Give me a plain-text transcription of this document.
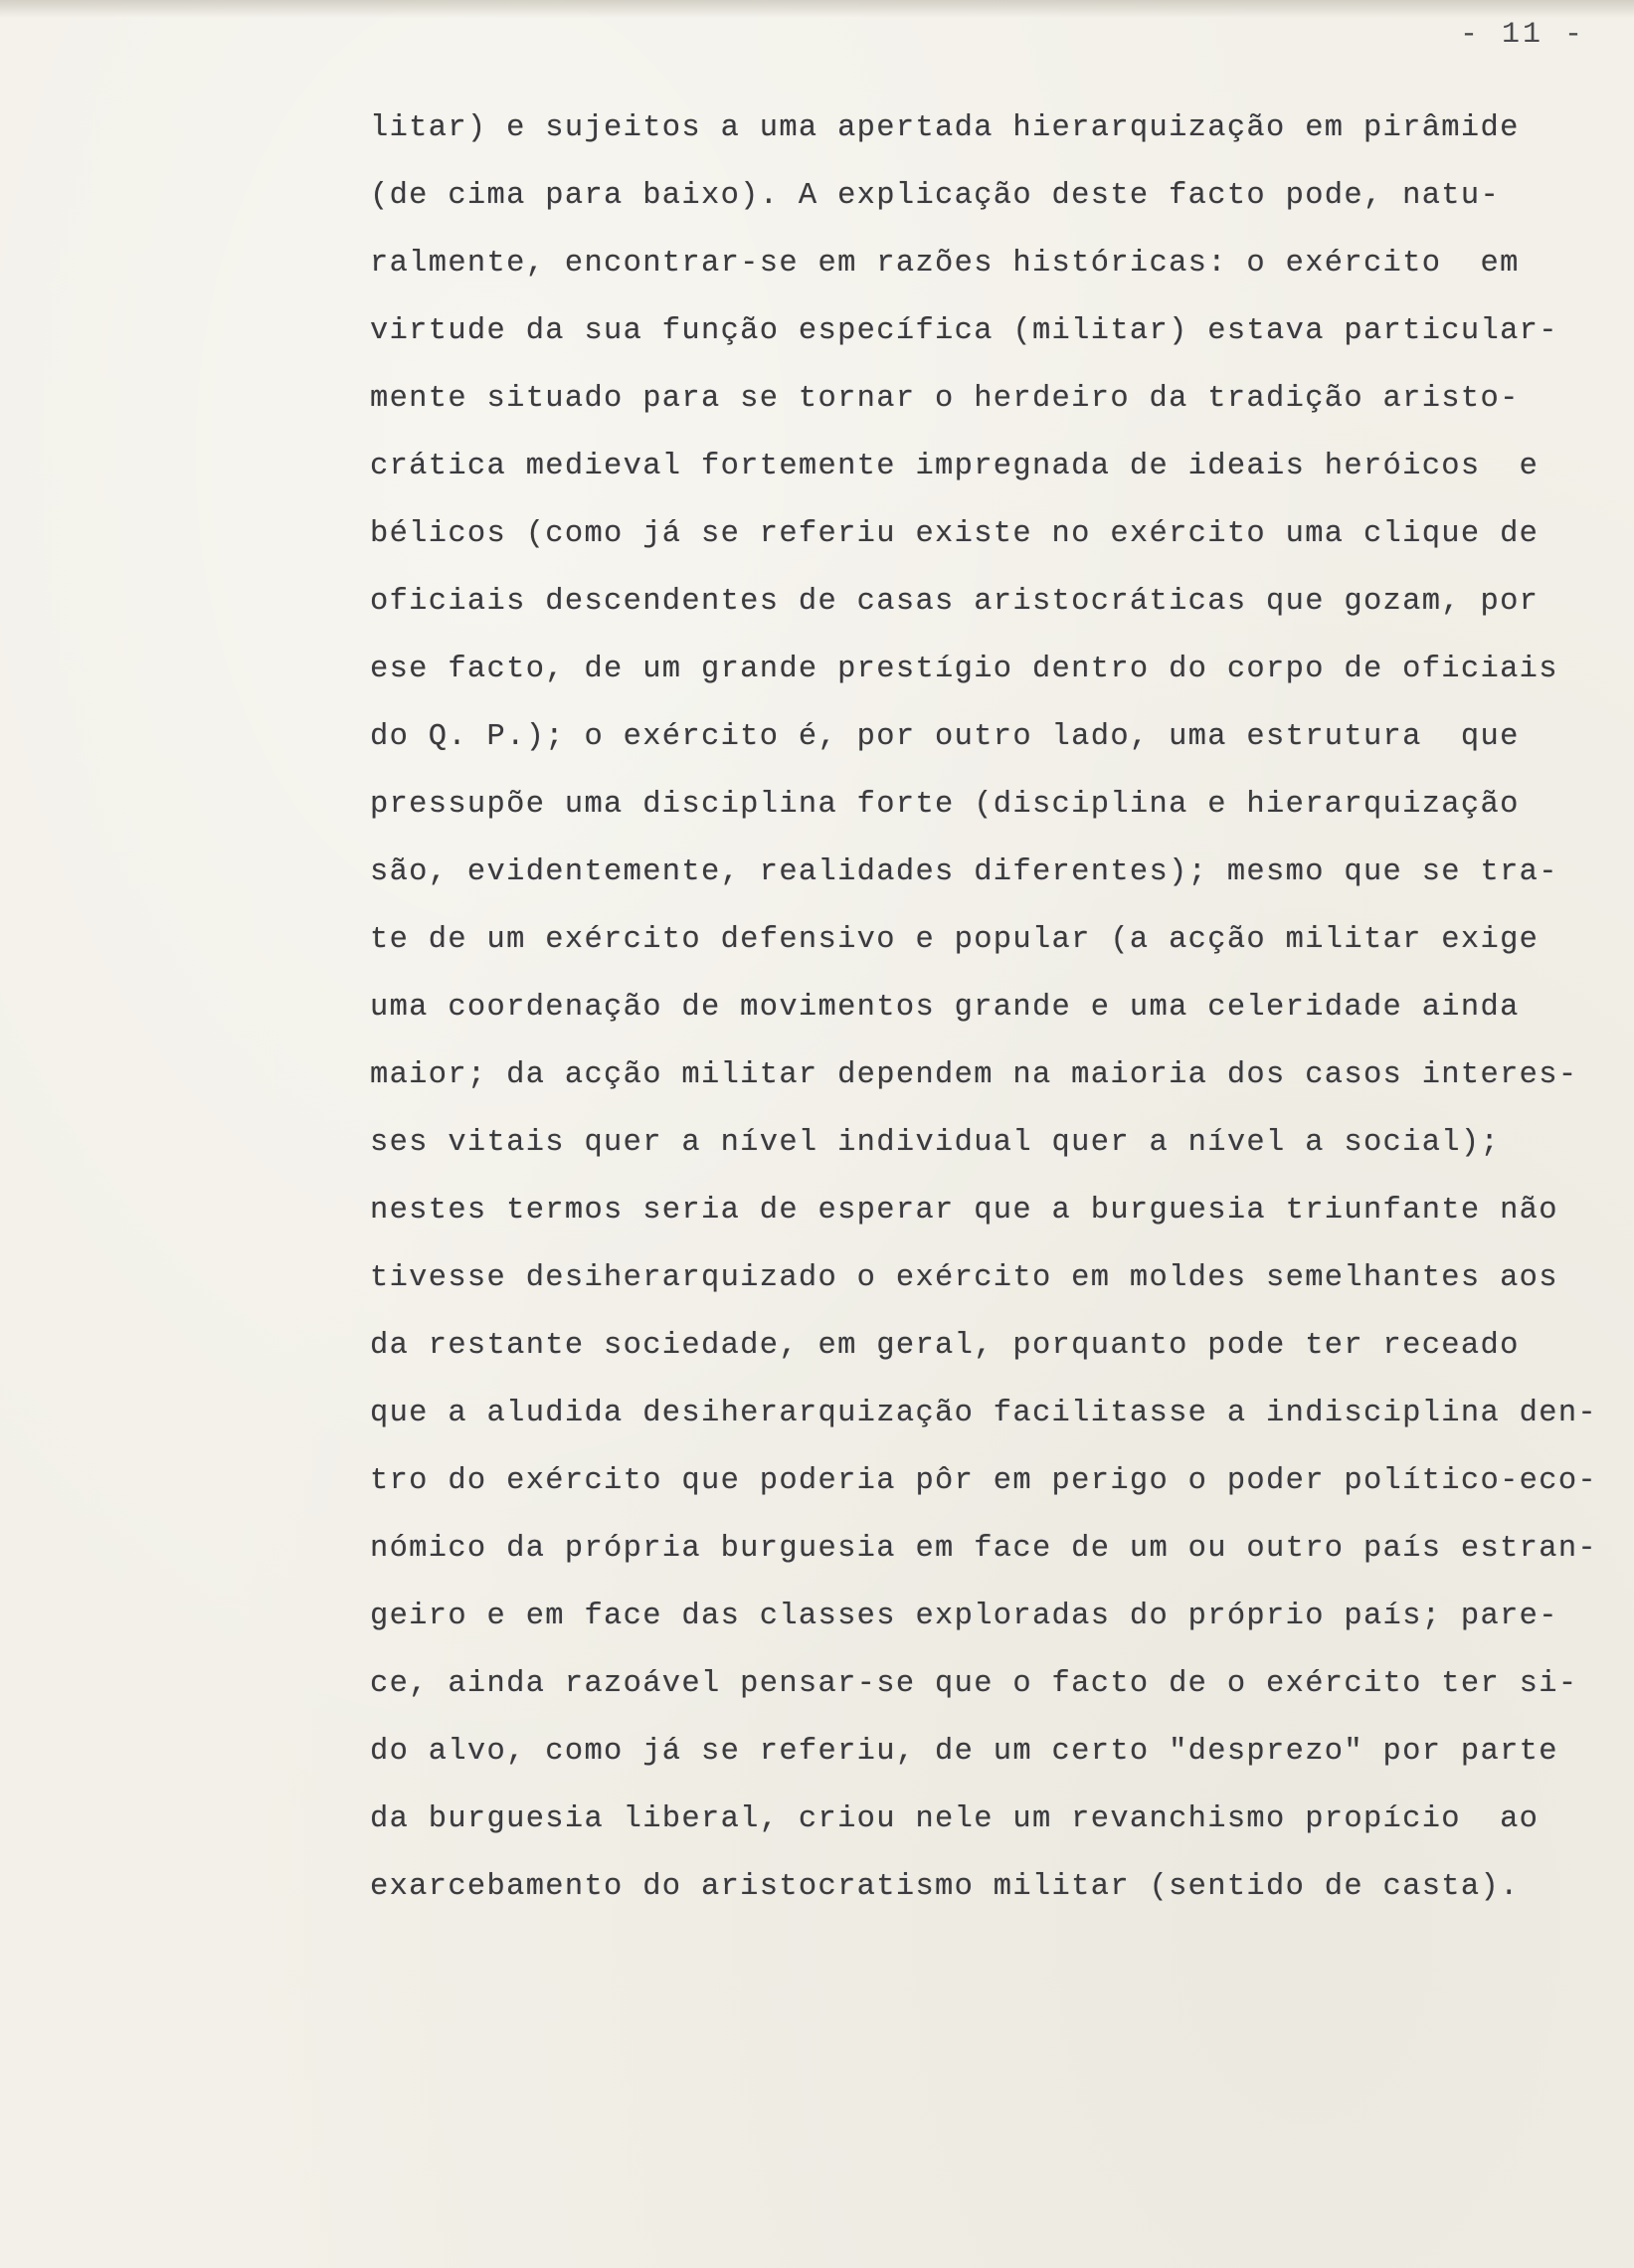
- 11 -
litar) e sujeitos a uma apertada hierarquização em pirâmide
(de cima para baixo). A explicação deste facto pode, natu-
ralmente, encontrar-se em razões históricas: o exército  em
virtude da sua função específica (militar) estava particular-
mente situado para se tornar o herdeiro da tradição aristo-
crática medieval fortemente impregnada de ideais heróicos  e
bélicos (como já se referiu existe no exército uma clique de
oficiais descendentes de casas aristocráticas que gozam, por
ese facto, de um grande prestígio dentro do corpo de oficiais
do Q. P.); o exército é, por outro lado, uma estrutura  que
pressupõe uma disciplina forte (disciplina e hierarquização
são, evidentemente, realidades diferentes); mesmo que se tra-
te de um exército defensivo e popular (a acção militar exige
uma coordenação de movimentos grande e uma celeridade ainda
maior; da acção militar dependem na maioria dos casos interes-
ses vitais quer a nível individual quer a nível a social);
nestes termos seria de esperar que a burguesia triunfante não
tivesse desiherarquizado o exército em moldes semelhantes aos
da restante sociedade, em geral, porquanto pode ter receado
que a aludida desiherarquização facilitasse a indisciplina den-
tro do exército que poderia pôr em perigo o poder político-eco-
nómico da própria burguesia em face de um ou outro país estran-
geiro e em face das classes exploradas do próprio país; pare-
ce, ainda razoável pensar-se que o facto de o exército ter si-
do alvo, como já se referiu, de um certo "desprezo" por parte
da burguesia liberal, criou nele um revanchismo propício  ao
exarcebamento do aristocratismo militar (sentido de casta).
